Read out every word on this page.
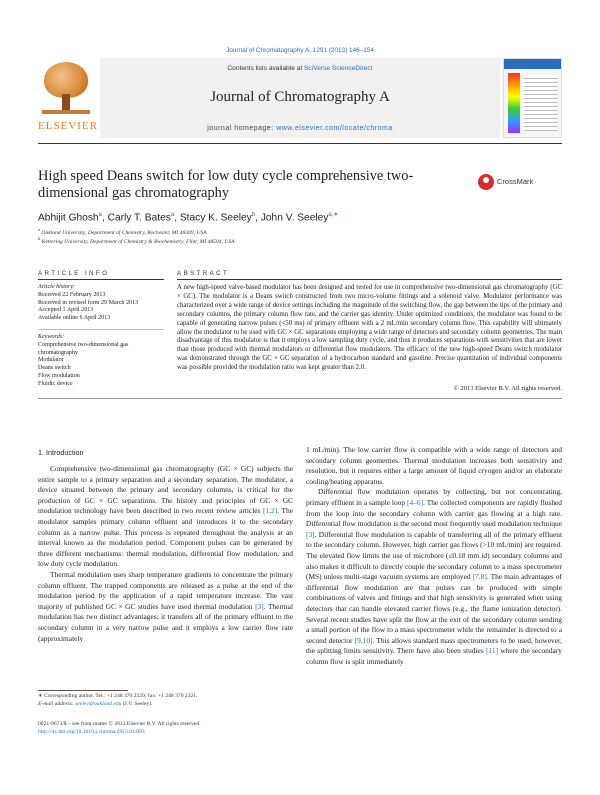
Journal of Chromatography A, 1291 (2013) 146–154
ELSEVIER
Contents lists available at SciVerse ScienceDirect
Journal of Chromatography A
journal homepage: www.elsevier.com/locate/chroma
High speed Deans switch for low duty cycle comprehensive two-dimensional gas chromatography
CrossMark
Abhijit Ghosh$^a$, Carly T. Bates$^a$, Stacy K. Seeley$^b$, John V. Seeley$^{a,∗}$
$^a$ Oakland University, Department of Chemistry, Rochester, MI 48309, USA
$^b$ Kettering University, Department of Chemistry & Biochemistry, Flint, MI 48504, USA
ARTICLE INFO	ABSTRACT
Article history:
Received 22 February 2013
Received in revised form 29 March 2013
Accepted 1 April 2013
Available online 6 April 2013
Keywords:
Comprehensive two-dimensional gas
chromatography
Modulator
Deans switch
Flow modulation
Fluidic device
A new high-speed valve-based modulator has been designed and tested for use in comprehensive two-dimensional gas chromatography (GC × GC). The modulator is a Deans switch constructed from two micro-volume fittings and a solenoid valve. Modulator performance was characterized over a wide range of device settings including the magnitude of the switching flow, the gap between the tips of the primary and secondary columns, the primary column flow rate, and the carrier gas identity. Under optimized conditions, the modulator was found to be capable of generating narrow pulses (<50 ms) of primary effluent with a 2 mL/min secondary column flow. This capability will ultimately allow the modulator to be used with GC × GC separations employing a wide range of detectors and secondary column geometries. The main disadvantage of this modulator is that it employs a low sampling duty cycle, and thus it produces separations with sensitivities that are lower than those produced with thermal modulators or differential flow modulators. The efficacy of the new high-speed Deans switch modulator was demonstrated through the GC × GC separation of a hydrocarbon standard and gasoline. Precise quantitation of individual components was possible provided the modulation ratio was kept greater than 2.0.
© 2013 Elsevier B.V. All rights reserved.
1. Introduction

Comprehensive two-dimensional gas chromatography (GC × GC) subjects the entire sample to a primary separation and a secondary separation. The modulator, a device situated between the primary and secondary columns, is critical for the production of GC × GC separations. The history and principles of GC × GC modulation technology have been described in two recent review articles [1,2]. The modulator samples primary column effluent and introduces it to the secondary column as a narrow pulse. This process is repeated throughout the analysis at an interval known as the modulation period. Component pulses can be generated by three different mechanisms: thermal modulation, differential flow modulation, and low duty cycle modulation.

Thermal modulation uses sharp temperature gradients to concentrate the primary column effluent. The trapped components are released as a pulse at the end of the modulation period by the application of a rapid temperature increase. The vast majority of published GC × GC studies have used thermal modulation [3]. Thermal modulation has two distinct advantages: it transfers all of the primary effluent to the secondary column in a very narrow pulse and it employs a low carrier flow rate (approximately

1 mL/min). The low carrier flow is compatible with a wide range of detectors and secondary column geometries. Thermal modulation increases both sensitivity and resolution, but it requires either a large amount of liquid cryogen and/or an elaborate cooling/heating apparatus.

Differential flow modulation operates by collecting, but not concentrating, primary effluent in a sample loop [4–6]. The collected components are rapidly flushed from the loop into the secondary column with carrier gas flowing at a high rate. Differential flow modulation is the second most frequently used modulation technique [3]. Differential flow modulation is capable of transferring all of the primary effluent to the secondary column. However, high carrier gas flows (>10 mL/min) are required. The elevated flow limits the use of microbore (≤0.18 mm id) secondary columns and also makes it difficult to directly couple the secondary column to a mass spectrometer (MS) unless multi-stage vacuum systems are employed [7,8]. The main advantages of differential flow modulation are that pulses can be produced with simple combinations of valves and fittings and that high sensitivity is generated when using detectors that can handle elevated carrier flows (e.g., the flame ionization detector). Several recent studies have split the flow at the exit of the secondary column sending a small portion of the flow to a mass spectrometer while the remainder is directed to a second detector [9,10]. This allows standard mass spectrometers to be used, however, the splitting limits sensitivity. There have also been studies [11] where the secondary column flow is split immediately

∗ Corresponding author. Tel.: +1 248 370 2329; fax: +1 248 370 2321.
E-mail address: seeley@oakland.edu (J.V. Seeley).
0021-9673/$ – see front matter © 2013 Elsevier B.V. All rights reserved.
http://dx.doi.org/10.1016/j.chroma.2013.04.003
